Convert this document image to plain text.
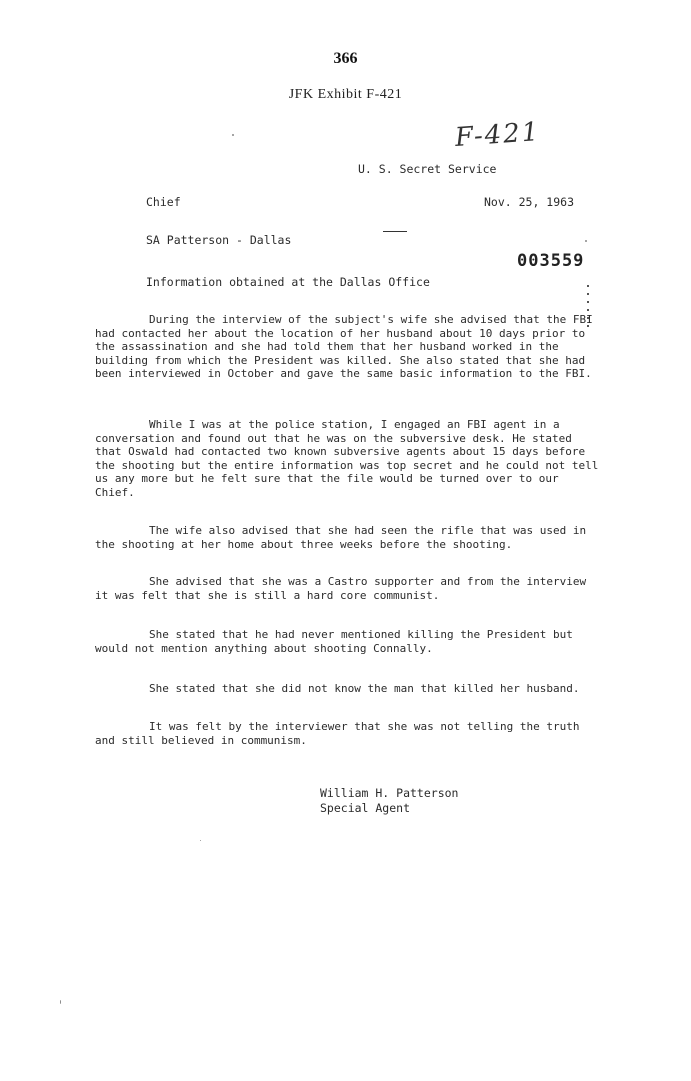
366
JFK Exhibit F-421
F-421
U. S. Secret Service
Chief	Nov. 25, 1963
SA Patterson - Dallas
003559
Information obtained at the Dallas Office

During the interview of the subject's wife she advised that the FBI had contacted her about the location of her husband about 10 days prior to the assassination and she had told them that her husband worked in the building from which the President was killed. She also stated that she had been interviewed in October and gave the same basic information to the FBI.

While I was at the police station, I engaged an FBI agent in a conversation and found out that he was on the subversive desk. He stated that Oswald had contacted two known subversive agents about 15 days before the shooting but the entire information was top secret and he could not tell us any more but he felt sure that the file would be turned over to our Chief.

The wife also advised that she had seen the rifle that was used in the shooting at her home about three weeks before the shooting.

She advised that she was a Castro supporter and from the interview it was felt that she is still a hard core communist.

She stated that he had never mentioned killing the President but would not mention anything about shooting Connally.

She stated that she did not know the man that killed her husband.

It was felt by the interviewer that she was not telling the truth and still believed in communism.

William H. Patterson
Special Agent
